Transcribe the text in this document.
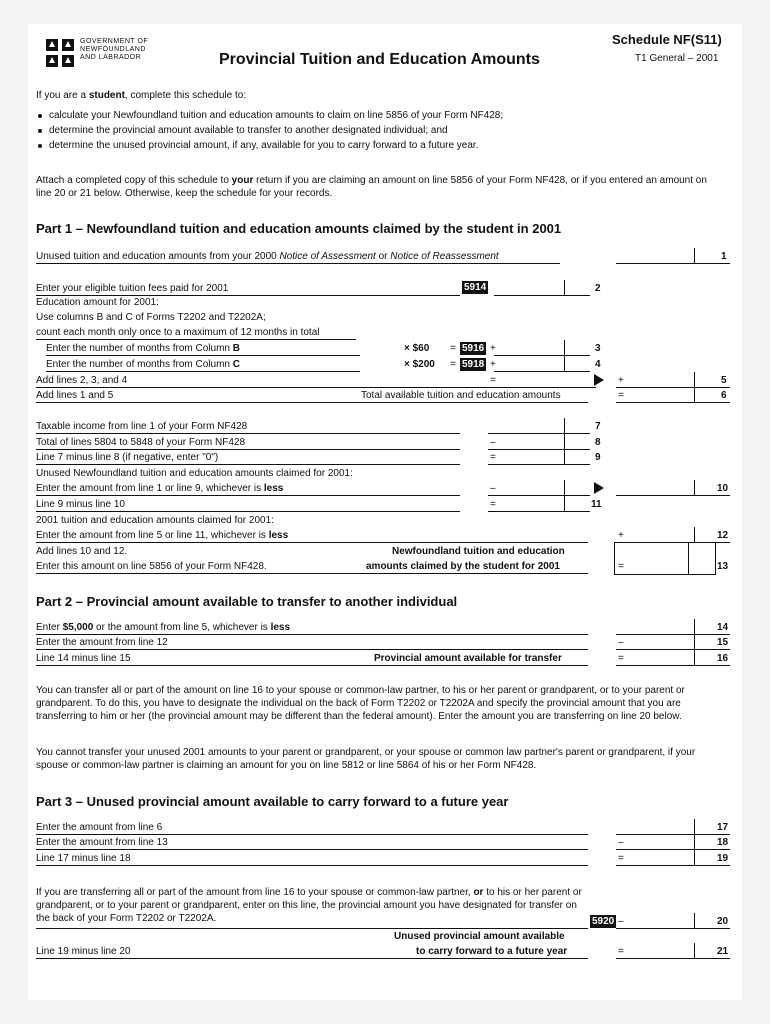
GOVERNMENT OF
NEWFOUNDLAND
AND LABRADOR	Provincial Tuition and Education Amounts
Schedule NF(S11)
T1 General – 2001
If you are a student, complete this schedule to:
calculate your Newfoundland tuition and education amounts to claim on line 5856 of your Form NF428;
determine the provincial amount available to transfer to another designated individual; and
determine the unused provincial amount, if any, available for you to carry forward to a future year.

Attach a completed copy of this schedule to your return if you are claiming an amount on line 5856 of your Form NF428, or if you entered an amount on line 20 or 21 below. Otherwise, keep the schedule for your records.

Part 1 – Newfoundland tuition and education amounts claimed by the student in 2001
Unused tuition and education amounts from your 2000 Notice of Assessment or Notice of Reassessment	1
Enter your eligible tuition fees paid for 2001	5914	2
Education amount for 2001:
Use columns B and C of Forms T2202 and T2202A;
count each month only once to a maximum of 12 months in total
Enter the number of months from Column B	× $60 = 5916 +	3
Enter the number of months from Column C	× $200 = 5918 +	4
Add lines 2, 3, and 4	=	+	5
Add lines 1 and 5	Total available tuition and education amounts	=	6
Taxable income from line 1 of your Form NF428	7
Total of lines 5804 to 5848 of your Form NF428	–	8
Line 7 minus line 8 (if negative, enter "0")	=	9
Unused Newfoundland tuition and education amounts claimed for 2001:
Enter the amount from line 1 or line 9, whichever is less	–	10
Line 9 minus line 10	=	11
2001 tuition and education amounts claimed for 2001:
Enter the amount from line 5 or line 11, whichever is less	+	12
Add lines 10 and 12.
Enter this amount on line 5856 of your Form NF428.
Newfoundland tuition and education
amounts claimed by the student for 2001	=	13
Part 2 – Provincial amount available to transfer to another individual
Enter $5,000 or the amount from line 5, whichever is less	14
Enter the amount from line 12	–	15
Line 14 minus line 15	Provincial amount available for transfer	=	16

You can transfer all or part of the amount on line 16 to your spouse or common-law partner, to his or her parent or grandparent, or to your parent or grandparent. To do this, you have to designate the individual on the back of Form T2202 or T2202A and specify the provincial amount that you are transferring to him or her (the provincial amount may be different than the federal amount). Enter the amount you are transferring on line 20 below.

You cannot transfer your unused 2001 amounts to your parent or grandparent, or your spouse or common law partner's parent or grandparent, if your spouse or common-law partner is claiming an amount for you on line 5812 or line 5864 of his or her Form NF428.

Part 3 – Unused provincial amount available to carry forward to a future year
Enter the amount from line 6	17
Enter the amount from line 13	–	18
Line 17 minus line 18	=	19

If you are transferring all or part of the amount from line 16 to your spouse or common-law partner, or to his or her parent or grandparent, or to your parent or grandparent, enter on this line, the provincial amount you have designated for transfer on the back of your Form T2202 or T2202A.	5920 –	20
Unused provincial amount available
to carry forward to a future year
Line 19 minus line 20	=	21
